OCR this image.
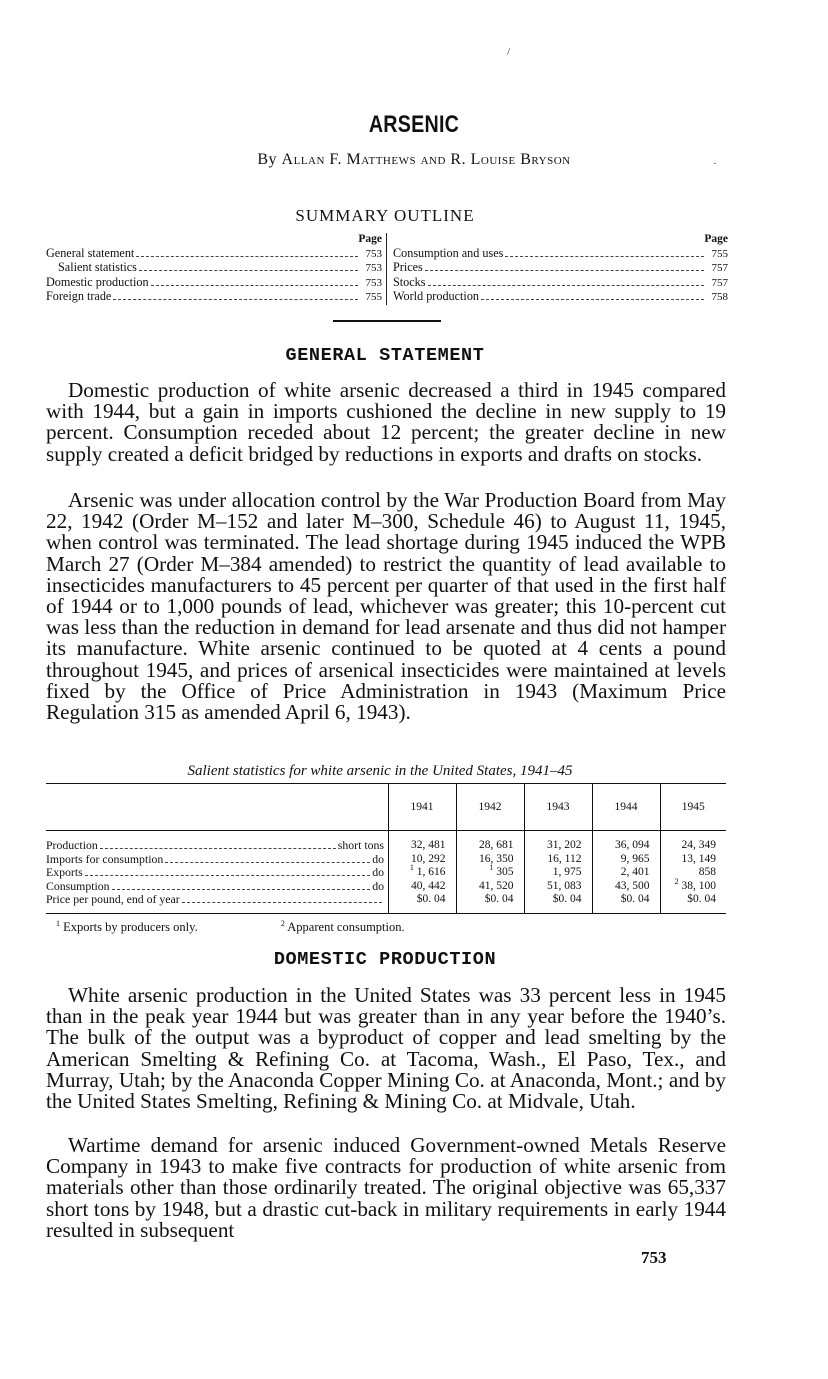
/
·
ARSENIC
By Allan F. Matthews and R. Louise Bryson
SUMMARY OUTLINE
Page
General statement	753
Salient statistics	753
Domestic production	753
Foreign trade	755
Page
Consumption and uses	755
Prices	757
Stocks	757
World production	758
GENERAL STATEMENT

Domestic production of white arsenic decreased a third in 1945 compared with 1944, but a gain in imports cushioned the decline in new supply to 19 percent. Consumption receded about 12 percent; the greater decline in new supply created a deficit bridged by reductions in exports and drafts on stocks.

Arsenic was under allocation control by the War Production Board from May 22, 1942 (Order M–152 and later M–300, Schedule 46) to August 11, 1945, when control was terminated. The lead shortage during 1945 induced the WPB March 27 (Order M–384 amended) to restrict the quantity of lead available to insecticides manufacturers to 45 percent per quarter of that used in the first half of 1944 or to 1,000 pounds of lead, whichever was greater; this 10-percent cut was less than the reduction in demand for lead arsenate and thus did not hamper its manufacture. White arsenic continued to be quoted at 4 cents a pound throughout 1945, and prices of arsenical insecticides were maintained at levels fixed by the Office of Price Administration in 1943 (Maximum Price Regulation 315 as amended April 6, 1943).

Salient statistics for white arsenic in the United States, 1941–45
	1941	1942	1943	1944	1945

Production short tons	32, 481	28, 681	31, 202	36, 094	24, 349

Imports for consumption do	10, 292	16, 350	16, 112	9, 965	13, 149

Exports do	$^1$ 1, 616	$^1$ 305	1, 975	2, 401	858

Consumption do	40, 442	41, 520	51, 083	43, 500	$^2$ 38, 100

Price per pound, end of year	$0. 04	$0. 04	$0. 04	$0. 04	$0. 04
$^1$ Exports by producers only.	$^2$ Apparent consumption.
DOMESTIC PRODUCTION

White arsenic production in the United States was 33 percent less in 1945 than in the peak year 1944 but was greater than in any year before the 1940’s. The bulk of the output was a byproduct of copper and lead smelting by the American Smelting & Refining Co. at Tacoma, Wash., El Paso, Tex., and Murray, Utah; by the Anaconda Copper Mining Co. at Anaconda, Mont.; and by the United States Smelting, Refining & Mining Co. at Midvale, Utah.

Wartime demand for arsenic induced Government-owned Metals Reserve Company in 1943 to make five contracts for production of white arsenic from materials other than those ordinarily treated. The original objective was 65,337 short tons by 1948, but a drastic cut-back in military requirements in early 1944 resulted in subsequent

753
